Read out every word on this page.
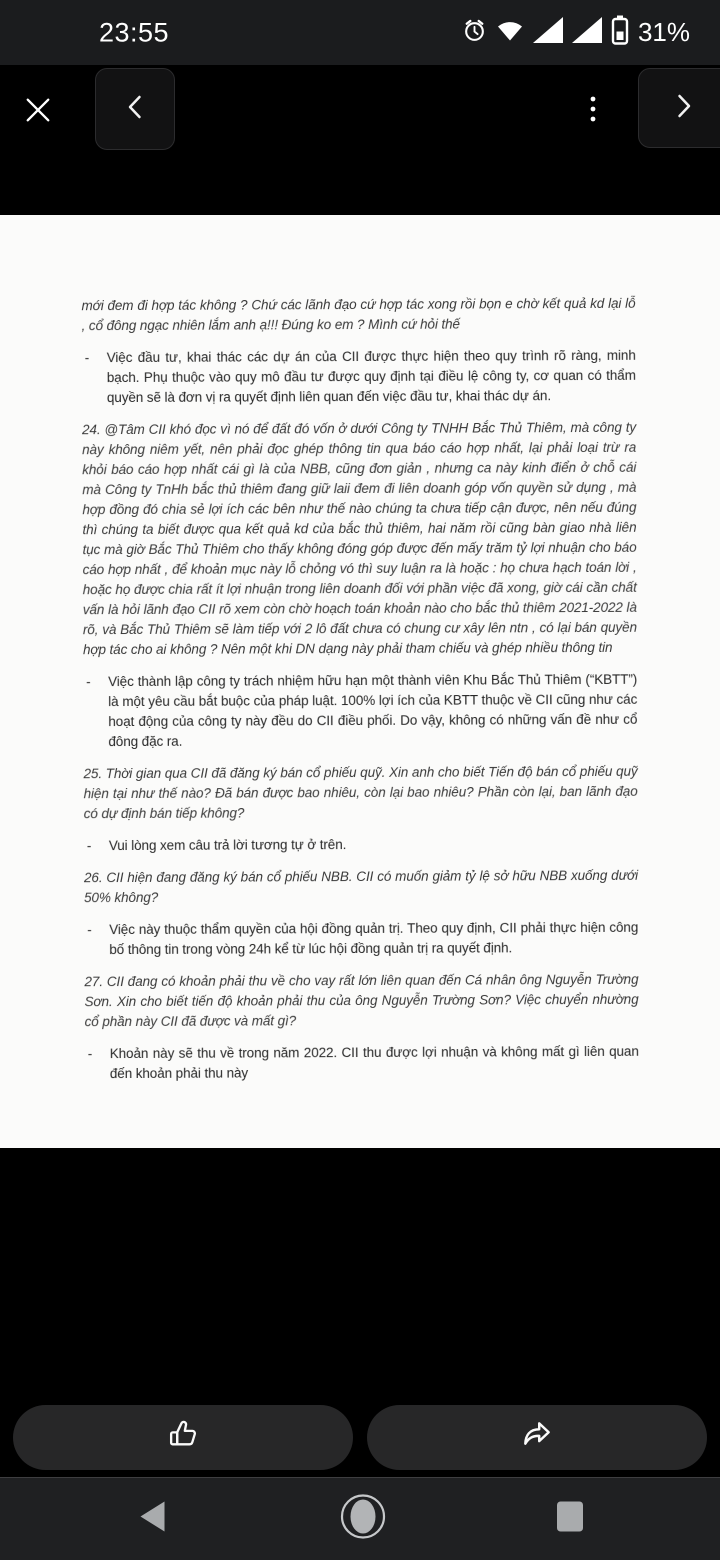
23:55	31%
mới đem đi hợp tác không ? Chứ các lãnh đạo cứ hợp tác xong rồi bọn e chờ kết quả kd lại lỗ , cổ đông ngạc nhiên lắm anh ạ!!! Đúng ko em ? Mình cứ hỏi thế
- Việc đầu tư, khai thác các dự án của CII được thực hiện theo quy trình rõ ràng, minh bạch. Phụ thuộc vào quy mô đầu tư được quy định tại điều lệ công ty, cơ quan có thẩm quyền sẽ là đơn vị ra quyết định liên quan đến việc đầu tư, khai thác dự án.
24. @Tâm CII khó đọc vì nó để đất đó vốn ở dưới Công ty TNHH Bắc Thủ Thiêm, mà công ty này không niêm yết, nên phải đọc ghép thông tin qua báo cáo hợp nhất, lại phải loại trừ ra khỏi báo cáo hợp nhất cái gì là của NBB, cũng đơn giản , nhưng ca này kinh điển ở chỗ cái mà Công ty TnHh bắc thủ thiêm đang giữ laii đem đi liên doanh góp vốn quyền sử dụng , mà hợp đồng đó chia sẻ lợi ích các bên như thế nào chúng ta chưa tiếp cận được, nên nếu đúng thì chúng ta biết được qua kết quả kd của bắc thủ thiêm, hai năm rồi cũng bàn giao nhà liên tục mà giờ Bắc Thủ Thiêm cho thấy không đóng góp được đến mấy trăm tỷ lợi nhuận cho báo cáo hợp nhất , để khoản mục này lỗ chỏng vó thì suy luận ra là hoặc : họ chưa hạch toán lời , hoặc họ được chia rất ít lợi nhuận trong liên doanh đối với phần việc đã xong, giờ cái cần chất vấn là hỏi lãnh đạo CII rõ xem còn chờ hoạch toán khoản nào cho bắc thủ thiêm 2021-2022 là rõ, và Bắc Thủ Thiêm sẽ làm tiếp với 2 lô đất chưa có chung cư xây lên ntn , có lại bán quyền hợp tác cho ai không ? Nên một khi DN dạng này phải tham chiếu và ghép nhiều thông tin
- Việc thành lập công ty trách nhiệm hữu hạn một thành viên Khu Bắc Thủ Thiêm (“KBTT”) là một yêu cầu bắt buộc của pháp luật. 100% lợi ích của KBTT thuộc về CII cũng như các hoạt động của công ty này đều do CII điều phối. Do vậy, không có những vấn đề như cổ đông đặc ra.
25. Thời gian qua CII đã đăng ký bán cổ phiếu quỹ. Xin anh cho biết Tiến độ bán cổ phiếu quỹ hiện tại như thế nào? Đã bán được bao nhiêu, còn lại bao nhiêu? Phần còn lại, ban lãnh đạo có dự định bán tiếp không?
- Vui lòng xem câu trả lời tương tự ở trên.
26. CII hiện đang đăng ký bán cổ phiếu NBB. CII có muốn giảm tỷ lệ sở hữu NBB xuống dưới 50% không?
- Việc này thuộc thẩm quyền của hội đồng quản trị. Theo quy định, CII phải thực hiện công bố thông tin trong vòng 24h kể từ lúc hội đồng quản trị ra quyết định.
27. CII đang có khoản phải thu về cho vay rất lớn liên quan đến Cá nhân ông Nguyễn Trường Sơn. Xin cho biết tiến độ khoản phải thu của ông Nguyễn Trường Sơn? Việc chuyển nhường cổ phần này CII đã được và mất gì?
- Khoản này sẽ thu về trong năm 2022. CII thu được lợi nhuận và không mất gì liên quan đến khoản phải thu này
